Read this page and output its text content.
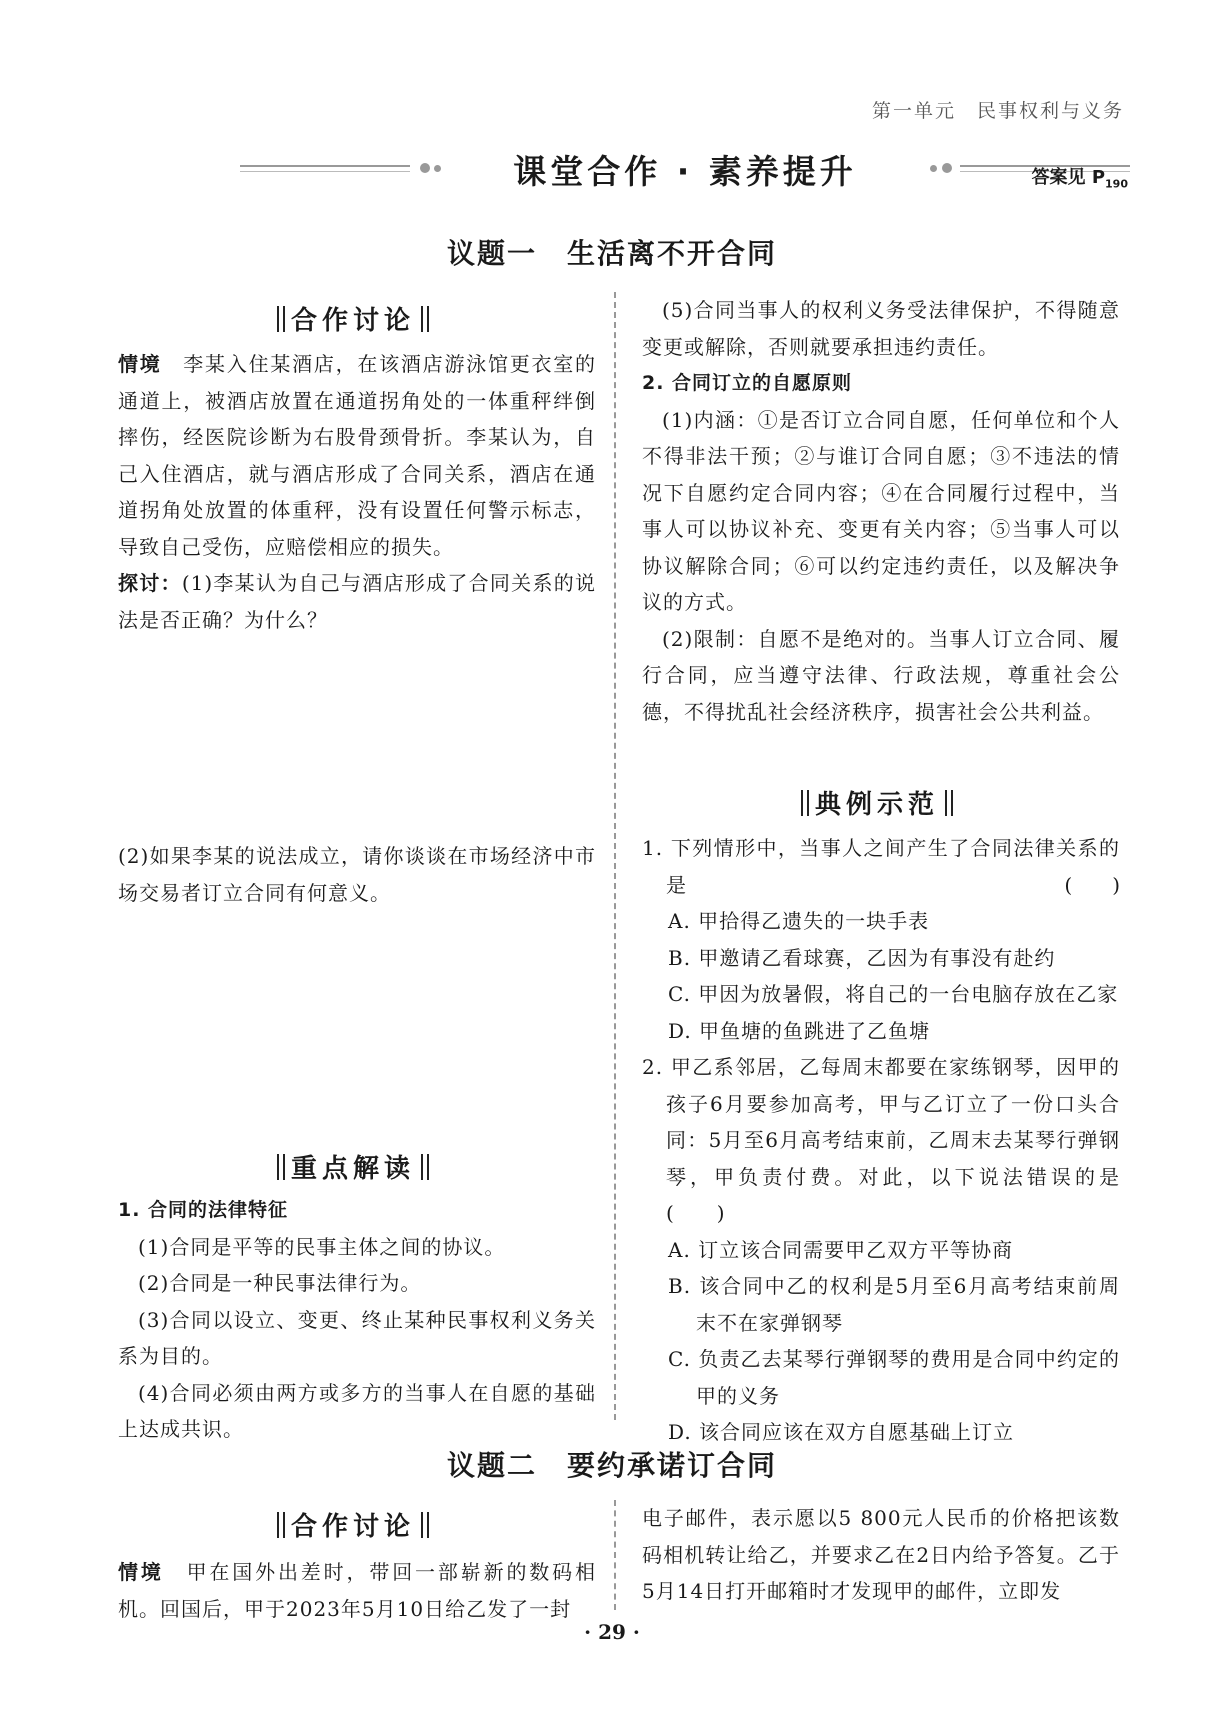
第一单元　民事权利与义务
课堂合作 · 素养提升	答案见 $P_{190}$
议题一　生活离不开合同
合作讨论

情境　 李某入住某酒店，在该酒店游泳馆更衣室的通道上，被酒店放置在通道拐角处的一体重秤绊倒摔伤，经医院诊断为右股骨颈骨折。李某认为，自己入住酒店，就与酒店形成了合同关系，酒店在通道拐角处放置的体重秤，没有设置任何警示标志，导致自己受伤，应赔偿相应的损失。

探讨：(1)李某认为自己与酒店形成了合同关系的说法是否正确？为什么？

(2)如果李某的说法成立，请你谈谈在市场经济中市场交易者订立合同有何意义。
重点解读

1. 合同的法律特征

(1)合同是平等的民事主体之间的协议。

(2)合同是一种民事法律行为。

(3)合同以设立、变更、终止某种民事权利义务关系为目的。

(4)合同必须由两方或多方的当事人在自愿的基础上达成共识。

(5)合同当事人的权利义务受法律保护，不得随意变更或解除，否则就要承担违约责任。

2. 合同订立的自愿原则

(1)内涵：①是否订立合同自愿，任何单位和个人不得非法干预；②与谁订合同自愿；③不违法的情况下自愿约定合同内容；④在合同履行过程中，当事人可以协议补充、变更有关内容；⑤当事人可以协议解除合同；⑥可以约定违约责任，以及解决争议的方式。

(2)限制：自愿不是绝对的。当事人订立合同、履行合同，应当遵守法律、行政法规，尊重社会公德，不得扰乱社会经济秩序，损害社会公共利益。

典例示范

1. 下列情形中，当事人之间产生了合同法律关系的是	(　　)

A. 甲拾得乙遗失的一块手表

B. 甲邀请乙看球赛，乙因为有事没有赴约

C. 甲因为放暑假，将自己的一台电脑存放在乙家

D. 甲鱼塘的鱼跳进了乙鱼塘

2. 甲乙系邻居，乙每周末都要在家练钢琴，因甲的孩子6月要参加高考，甲与乙订立了一份口头合同：5月至6月高考结束前，乙周末去某琴行弹钢琴，甲负责付费。对此，以下说法错误的是(　　)

A. 订立该合同需要甲乙双方平等协商

B. 该合同中乙的权利是5月至6月高考结束前周末不在家弹钢琴

C. 负责乙去某琴行弹钢琴的费用是合同中约定的甲的义务

D. 该合同应该在双方自愿基础上订立

议题二　要约承诺订合同
合作讨论

情境　 甲在国外出差时，带回一部崭新的数码相机。回国后，甲于2023年5月10日给乙发了一封

电子邮件，表示愿以5 800元人民币的价格把该数码相机转让给乙，并要求乙在2日内给予答复。乙于5月14日打开邮箱时才发现甲的邮件，立即发
· 29 ·
